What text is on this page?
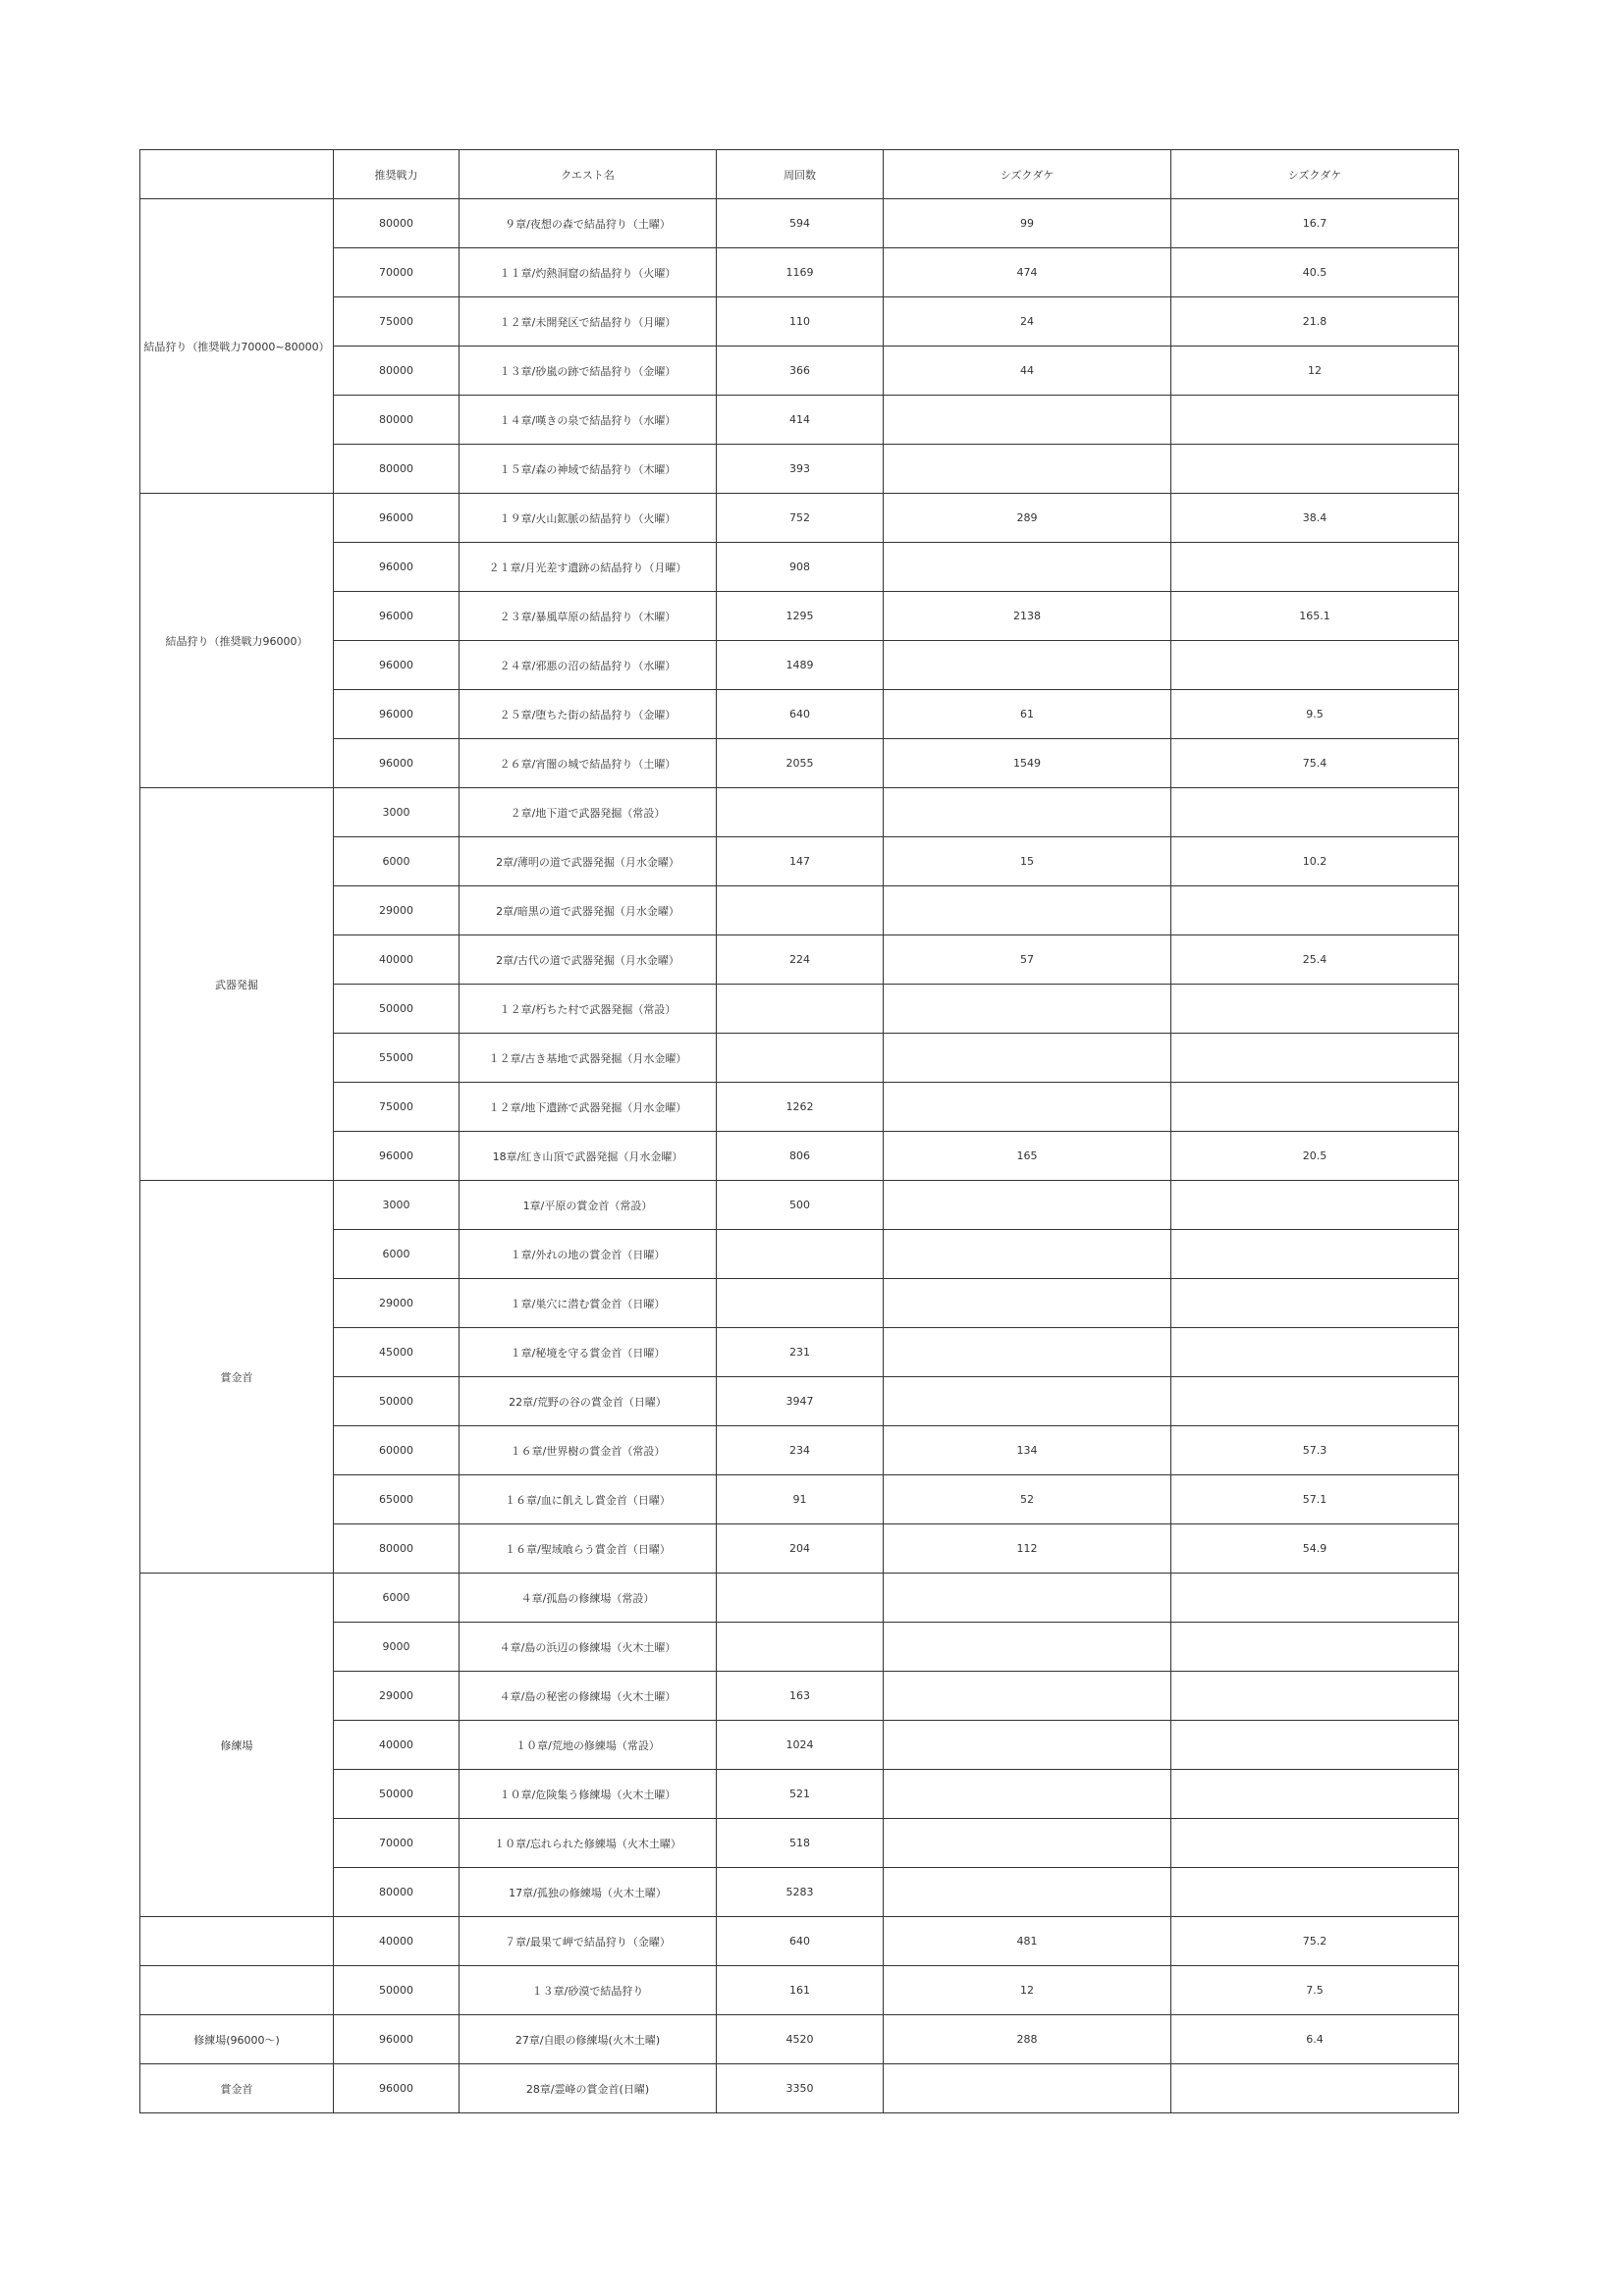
	推奨戦力	クエスト名	周回数	シズクダケ	シズクダケ
結晶狩り（推奨戦力70000~80000）	80000	９章/夜想の森で結晶狩り（土曜）	594	99	16.7
	70000	１１章/灼熱洞窟の結晶狩り（火曜）	1169	474	40.5
	75000	１２章/未開発区で結晶狩り（月曜）	110	24	21.8
	80000	１３章/砂嵐の跡で結晶狩り（金曜）	366	44	12
	80000	１４章/嘆きの泉で結晶狩り（水曜）	414		
	80000	１５章/森の神域で結晶狩り（木曜）	393		
結晶狩り（推奨戦力96000）	96000	１９章/火山鉱脈の結晶狩り（火曜）	752	289	38.4
	96000	２１章/月光差す遺跡の結晶狩り（月曜）	908		
	96000	２３章/暴風草原の結晶狩り（木曜）	1295	2138	165.1
	96000	２４章/邪悪の沼の結晶狩り（水曜）	1489		
	96000	２５章/堕ちた街の結晶狩り（金曜）	640	61	9.5
	96000	２６章/宵闇の城で結晶狩り（土曜）	2055	1549	75.4
武器発掘	3000	２章/地下道で武器発掘（常設）			
	6000	2章/薄明の道で武器発掘（月水金曜）	147	15	10.2
	29000	2章/暗黒の道で武器発掘（月水金曜）			
	40000	2章/古代の道で武器発掘（月水金曜）	224	57	25.4
	50000	１２章/朽ちた村で武器発掘（常設）			
	55000	１２章/古き基地で武器発掘（月水金曜）			
	75000	１２章/地下遺跡で武器発掘（月水金曜）	1262		
	96000	18章/紅き山頂で武器発掘（月水金曜）	806	165	20.5
賞金首	3000	1章/平原の賞金首（常設）	500		
	6000	１章/外れの地の賞金首（日曜）			
	29000	１章/巣穴に潜む賞金首（日曜）			
	45000	１章/秘境を守る賞金首（日曜）	231		
	50000	22章/荒野の谷の賞金首（日曜）	3947		
	60000	１６章/世界樹の賞金首（常設）	234	134	57.3
	65000	１６章/血に飢えし賞金首（日曜）	91	52	57.1
	80000	１６章/聖域喰らう賞金首（日曜）	204	112	54.9
修練場	6000	４章/孤島の修練場（常設）			
	9000	４章/島の浜辺の修練場（火木土曜）			
	29000	４章/島の秘密の修練場（火木土曜）	163		
	40000	１０章/荒地の修練場（常設）	1024		
	50000	１０章/危険集う修練場（火木土曜）	521		
	70000	１０章/忘れられた修練場（火木土曜）	518		
	80000	17章/孤独の修練場（火木土曜）	5283		
	40000	７章/最果て岬で結晶狩り（金曜）	640	481	75.2
	50000	１３章/砂漠で結晶狩り	161	12	7.5
修練場(96000～)	96000	27章/自眼の修練場(火木土曜)	4520	288	6.4
賞金首	96000	28章/霊峰の賞金首(日曜)	3350		
